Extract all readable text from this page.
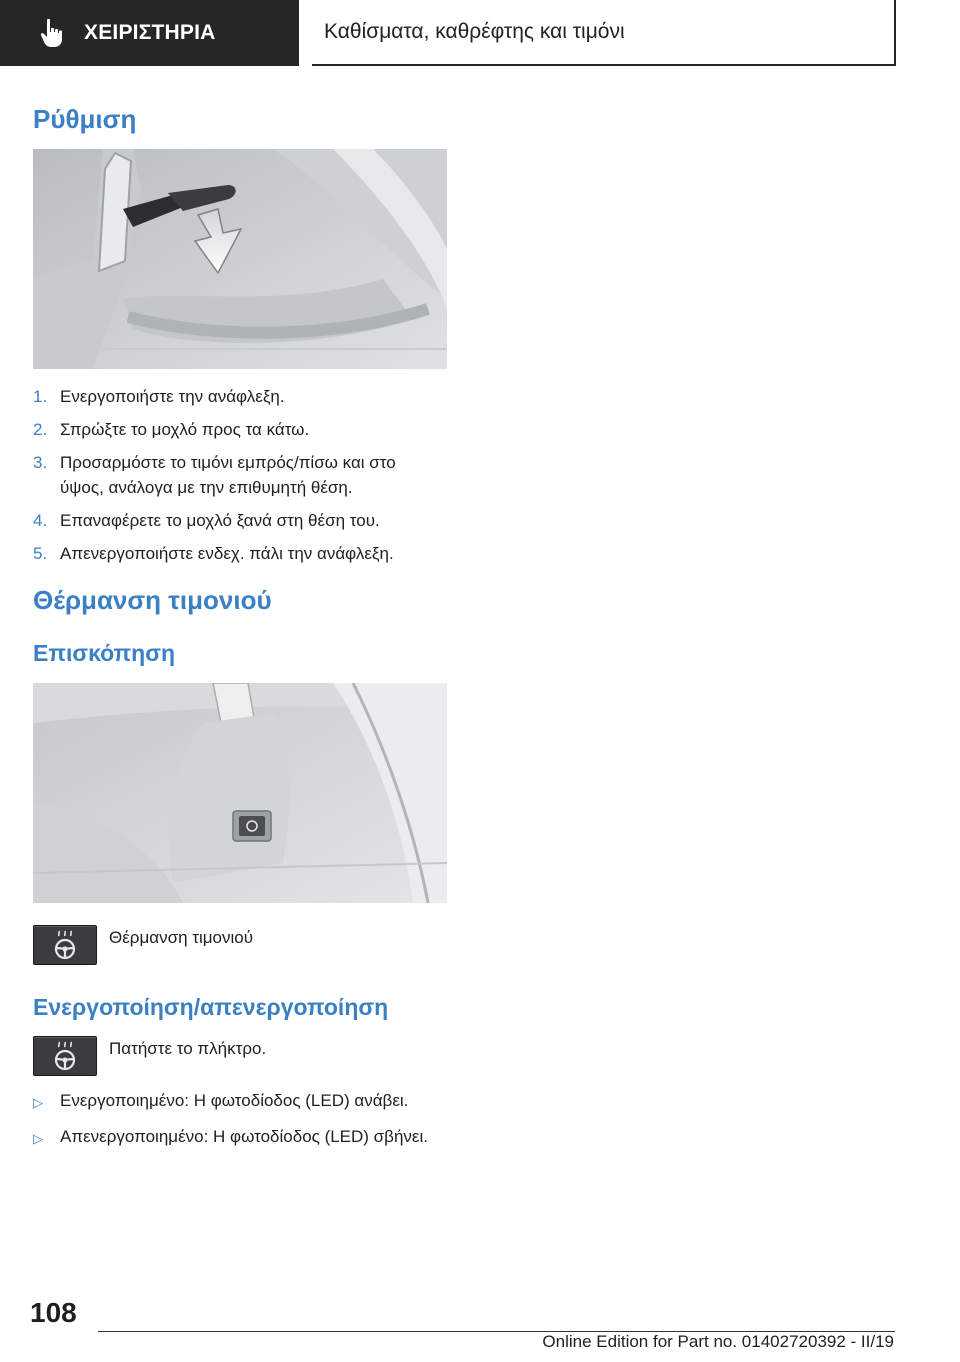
ΧΕΙΡΙΣΤΗΡΙΑ	Καθίσματα, καθρέφτης και τιμόνι
Ρύθμιση
1. Ενεργοποιήστε την ανάφλεξη.
2. Σπρώξτε το μοχλό προς τα κάτω.
3. Προσαρμόστε το τιμόνι εμπρός/πίσω και στο ύψος, ανάλογα με την επιθυμητή θέση.
4. Επαναφέρετε το μοχλό ξανά στη θέση του.
5. Απενεργοποιήστε ενδεχ. πάλι την ανάφλεξη.
Θέρμανση τιμονιού
Επισκόπηση
Θέρμανση τιμονιού
Ενεργοποίηση/απενεργοποίηση
Πατήστε το πλήκτρο.
▷	Ενεργοποιημένο: Η φωτοδίοδος (LED) ανάβει.
▷	Απενεργοποιημένο: Η φωτοδίοδος (LED) σβήνει.
108
Online Edition for Part no. 01402720392 - II/19
